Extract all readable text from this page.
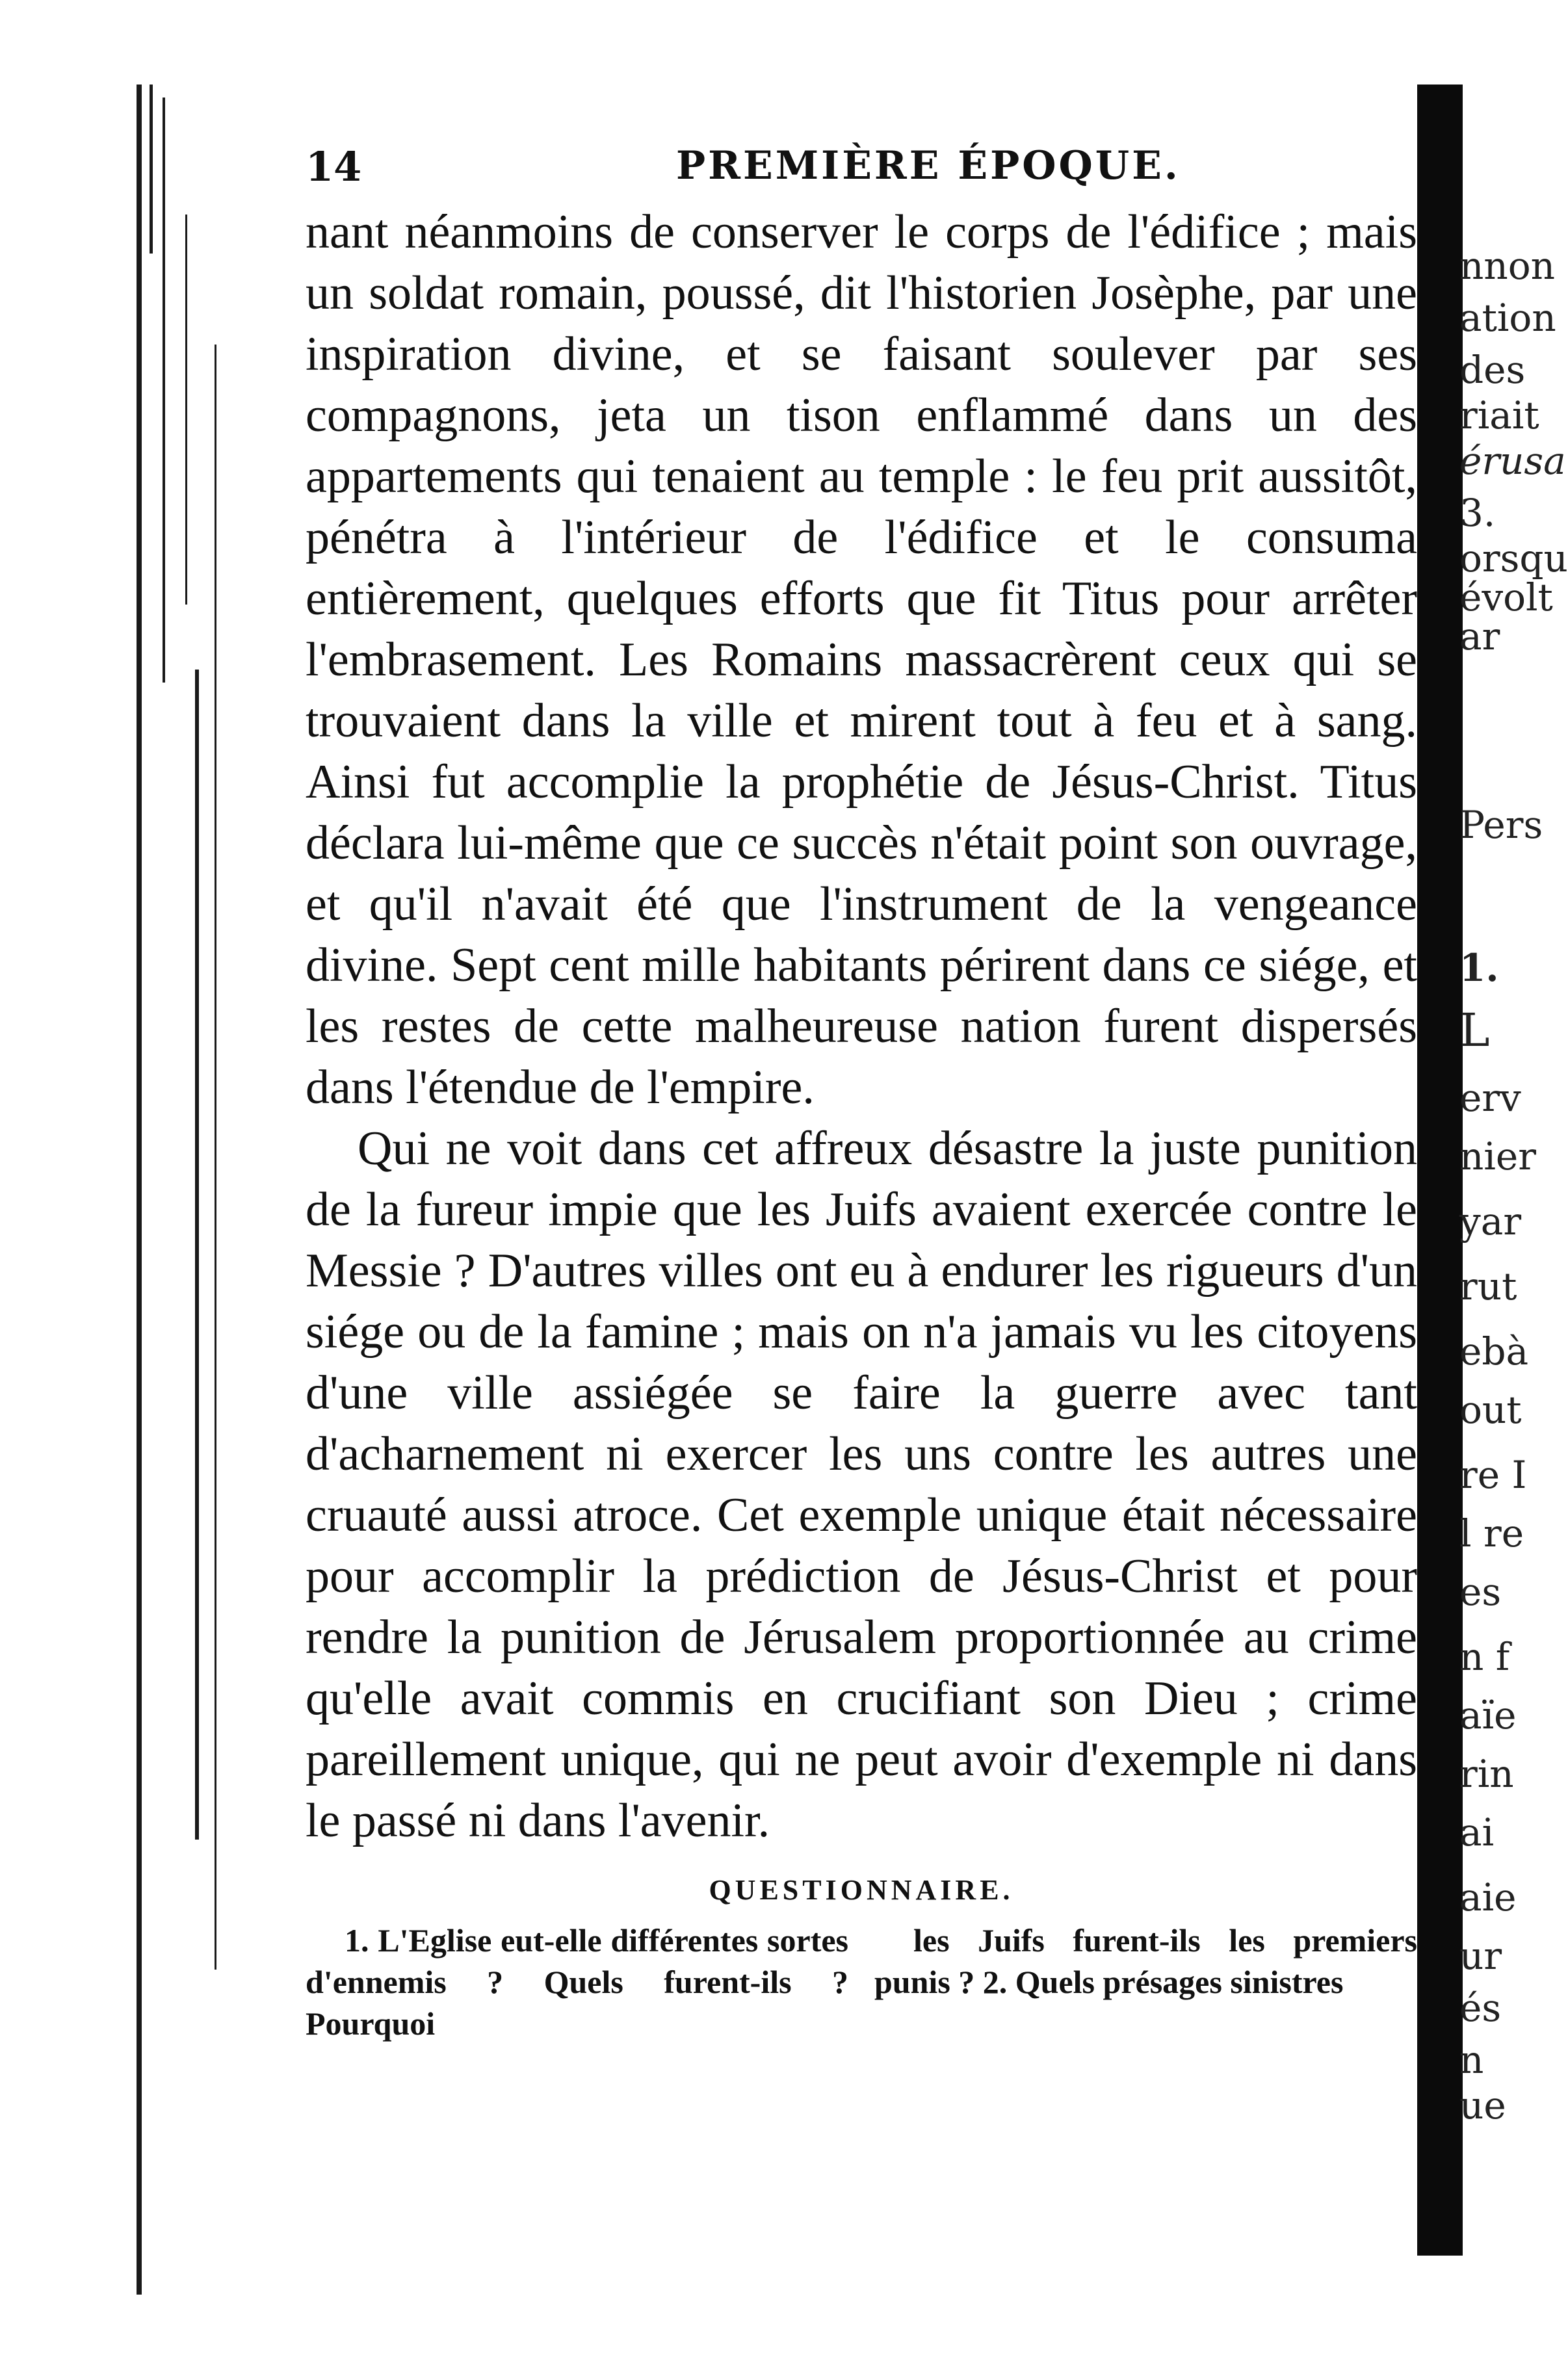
nnon
ation
des
riait
érusa
3.
orsqu
évolt
ar
Pers
1.
L
erv
nier
yar
rut
ebà
out
re I
l re
es
n f
aïe
rin
ai
aie
ur
és
n
ue
14	PREMIÈRE ÉPOQUE.

nant néanmoins de conserver le corps de l'édifice ; mais un soldat romain, poussé, dit l'historien Josèphe, par une inspiration divine, et se faisant soulever par ses compagnons, jeta un tison enflammé dans un des appartements qui tenaient au temple : le feu prit aussitôt, pénétra à l'intérieur de l'édifice et le consuma entièrement, quelques efforts que fit Titus pour arrêter l'embrasement. Les Romains massacrèrent ceux qui se trouvaient dans la ville et mirent tout à feu et à sang. Ainsi fut accomplie la prophétie de Jésus-Christ. Titus déclara lui-même que ce succès n'était point son ouvrage, et qu'il n'avait été que l'instrument de la vengeance divine. Sept cent mille habitants périrent dans ce siége, et les restes de cette malheureuse nation furent dispersés dans l'étendue de l'empire.

Qui ne voit dans cet affreux désastre la juste punition de la fureur impie que les Juifs avaient exercée contre le Messie ? D'autres villes ont eu à endurer les rigueurs d'un siége ou de la famine ; mais on n'a jamais vu les citoyens d'une ville assiégée se faire la guerre avec tant d'acharnement ni exercer les uns contre les autres une cruauté aussi atroce. Cet exemple unique était nécessaire pour accomplir la prédiction de Jésus-Christ et pour rendre la punition de Jérusalem proportionnée au crime qu'elle avait commis en crucifiant son Dieu ; crime pareillement unique, qui ne peut avoir d'exemple ni dans le passé ni dans l'avenir.

QUESTIONNAIRE.

1. L'Eglise eut-elle différentes sortes d'ennemis ? Quels furent-ils ? Pourquoi

les Juifs furent-ils les premiers punis ? 2. Quels présages sinistres
